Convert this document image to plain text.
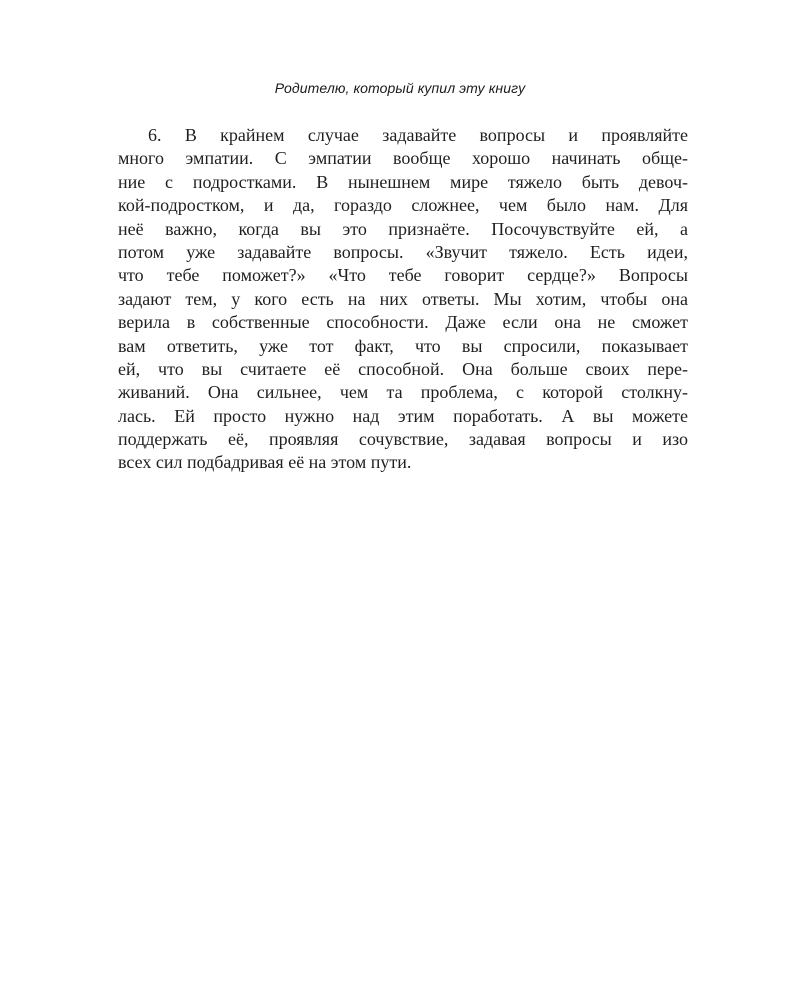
Родителю, который купил эту книгу
6. В крайнем случае задавайте вопросы и проявляйте
много эмпатии. С эмпатии вообще хорошо начинать обще-
ние с подростками. В нынешнем мире тяжело быть девоч-
кой-подростком, и да, гораздо сложнее, чем было нам. Для
неё важно, когда вы это признаёте. Посочувствуйте ей, а
потом уже задавайте вопросы. «Звучит тяжело. Есть идеи,
что тебе поможет?» «Что тебе говорит сердце?» Вопросы
задают тем, у кого есть на них ответы. Мы хотим, чтобы она
верила в собственные способности. Даже если она не сможет
вам ответить, уже тот факт, что вы спросили, показывает
ей, что вы считаете её способной. Она больше своих пере-
живаний. Она сильнее, чем та проблема, с которой столкну-
лась. Ей просто нужно над этим поработать. А вы можете
поддержать её, проявляя сочувствие, задавая вопросы и изо
всех сил подбадривая её на этом пути.
